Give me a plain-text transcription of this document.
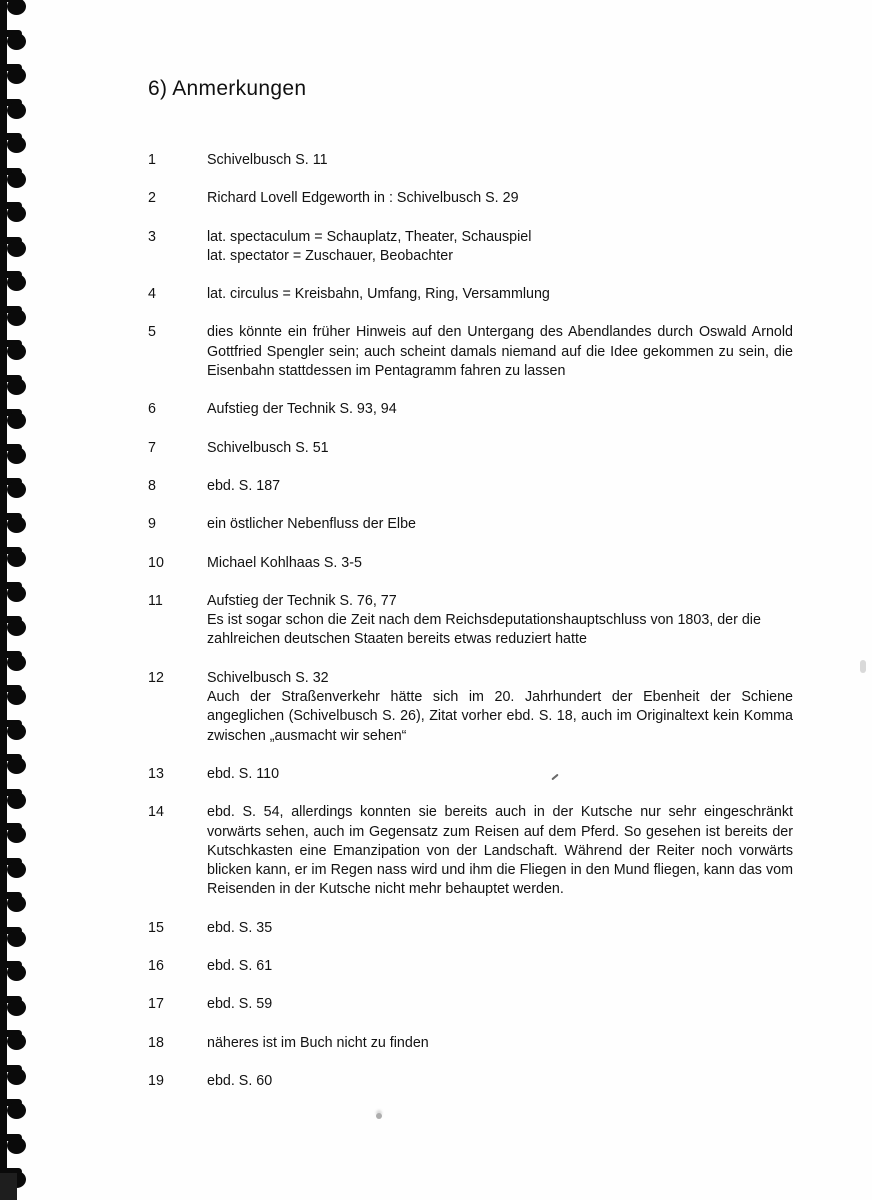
6) Anmerkungen
1	Schivelbusch S. 11
2	Richard Lovell Edgeworth in : Schivelbusch S. 29
3	lat. spectaculum = Schauplatz, Theater, Schauspiel
lat. spectator = Zuschauer, Beobachter
4	lat. circulus = Kreisbahn, Umfang, Ring, Versammlung
5	dies könnte ein früher Hinweis auf den Untergang des Abendlandes durch Oswald Arnold Gottfried Spengler sein; auch scheint damals niemand auf die Idee gekommen zu sein, die Eisenbahn stattdessen im Pentagramm fahren zu lassen
6	Aufstieg der Technik S. 93, 94
7	Schivelbusch S. 51
8	ebd. S. 187
9	ein östlicher Nebenfluss der Elbe
10	Michael Kohlhaas S. 3-5
11	Aufstieg der Technik S. 76, 77
Es ist sogar schon die Zeit nach dem Reichsdeputationshauptschluss von 1803, der die zahlreichen deutschen Staaten bereits etwas reduziert hatte
12	Schivelbusch S. 32
Auch der Straßenverkehr hätte sich im 20. Jahrhundert der Ebenheit der Schiene angeglichen (Schivelbusch S. 26), Zitat vorher ebd. S. 18, auch im Originaltext kein Komma zwischen „ausmacht wir sehen“
13	ebd. S. 110
14	ebd. S. 54, allerdings konnten sie bereits auch in der Kutsche nur sehr eingeschränkt vorwärts sehen, auch im Gegensatz zum Reisen auf dem Pferd. So gesehen ist bereits der Kutschkasten eine Emanzipation von der Landschaft. Während der Reiter noch vorwärts blicken kann, er im Regen nass wird und ihm die Fliegen in den Mund fliegen, kann das vom Reisenden in der Kutsche nicht mehr behauptet werden.
15	ebd. S. 35
16	ebd. S. 61
17	ebd. S. 59
18	näheres ist im Buch nicht zu finden
19	ebd. S. 60
